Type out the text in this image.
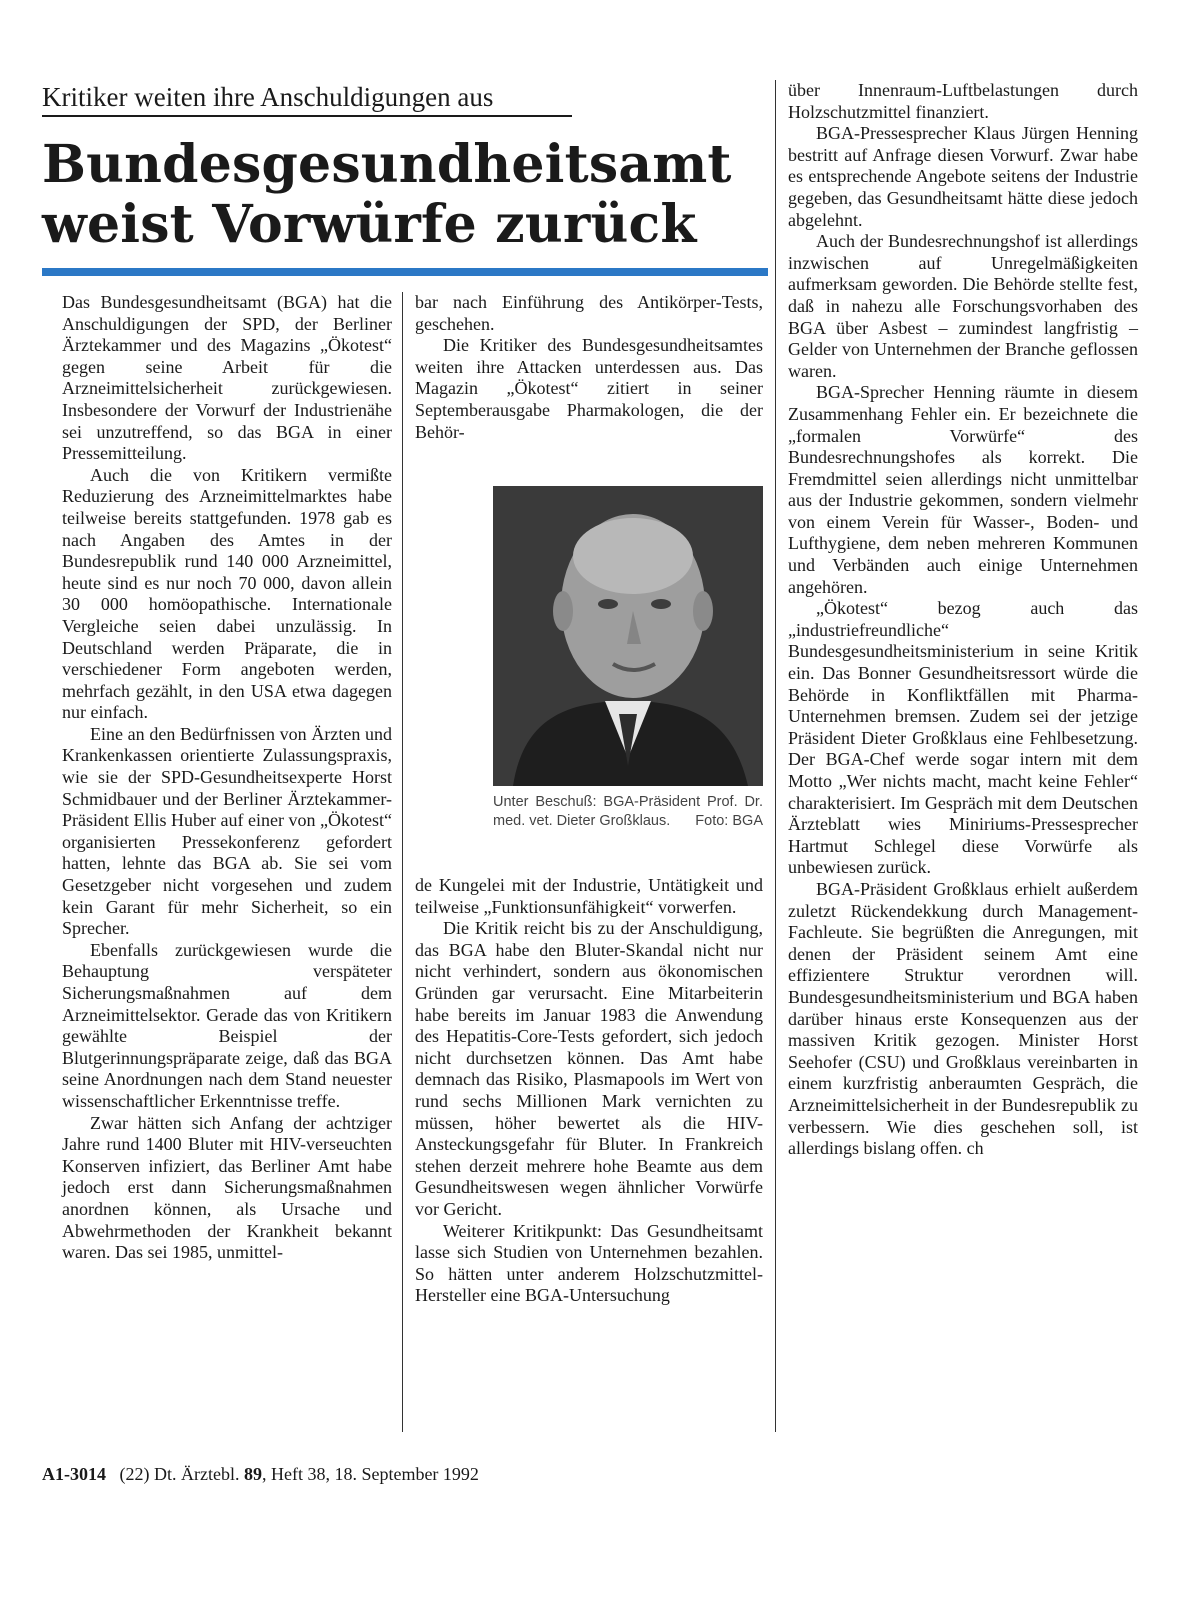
Kritiker weiten ihre Anschuldigungen aus
Bundesgesundheitsamt
weist Vorwürfe zurück

Das Bundesgesundheitsamt (BGA) hat die Anschuldigungen der SPD, der Berliner Ärztekammer und des Magazins „Ökotest“ gegen seine Arbeit für die Arzneimittelsicherheit zurückgewiesen. Insbesondere der Vorwurf der Industrienähe sei unzutreffend, so das BGA in einer Pressemitteilung.

Auch die von Kritikern vermißte Reduzierung des Arzneimittelmarktes habe teilweise bereits stattgefunden. 1978 gab es nach Angaben des Amtes in der Bundesrepublik rund 140 000 Arzneimittel, heute sind es nur noch 70 000, davon allein 30 000 homöopathische. Internationale Vergleiche seien dabei unzulässig. In Deutschland werden Präparate, die in verschiedener Form angeboten werden, mehrfach gezählt, in den USA etwa dagegen nur einfach.

Eine an den Bedürfnissen von Ärzten und Krankenkassen orientierte Zulassungspraxis, wie sie der SPD-Gesundheitsexperte Horst Schmidbauer und der Berliner Ärztekammer-Präsident Ellis Huber auf einer von „Ökotest“ organisierten Pressekonferenz gefordert hatten, lehnte das BGA ab. Sie sei vom Gesetzgeber nicht vorgesehen und zudem kein Garant für mehr Sicherheit, so ein Sprecher.

Ebenfalls zurückgewiesen wurde die Behauptung verspäteter Sicherungsmaßnahmen auf dem Arzneimittelsektor. Gerade das von Kritikern gewählte Beispiel der Blutgerinnungspräparate zeige, daß das BGA seine Anordnungen nach dem Stand neuester wissenschaftlicher Erkenntnisse treffe.

Zwar hätten sich Anfang der achtziger Jahre rund 1400 Bluter mit HIV-verseuchten Konserven infiziert, das Berliner Amt habe jedoch erst dann Sicherungsmaßnahmen anordnen können, als Ursache und Abwehrmethoden der Krankheit bekannt waren. Das sei 1985, unmittel-

bar nach Einführung des Antikörper-Tests, geschehen.

Die Kritiker des Bundesgesundheitsamtes weiten ihre Attacken unterdessen aus. Das Magazin „Ökotest“ zitiert in seiner Septemberausgabe Pharmakologen, die der Behör-

Unter Beschuß: BGA-Präsident Prof. Dr. med. vet. Dieter Großklaus. Foto: BGA

de Kungelei mit der Industrie, Untätigkeit und teilweise „Funktionsunfähigkeit“ vorwerfen.

Die Kritik reicht bis zu der Anschuldigung, das BGA habe den Bluter-Skandal nicht nur nicht verhindert, sondern aus ökonomischen Gründen gar verursacht. Eine Mitarbeiterin habe bereits im Januar 1983 die Anwendung des Hepatitis-Core-Tests gefordert, sich jedoch nicht durchsetzen können. Das Amt habe demnach das Risiko, Plasmapools im Wert von rund sechs Millionen Mark vernichten zu müssen, höher bewertet als die HIV-Ansteckungsgefahr für Bluter. In Frankreich stehen derzeit mehrere hohe Beamte aus dem Gesundheitswesen wegen ähnlicher Vorwürfe vor Gericht.

Weiterer Kritikpunkt: Das Gesundheitsamt lasse sich Studien von Unternehmen bezahlen. So hätten unter anderem Holzschutzmittel-Hersteller eine BGA-Untersuchung

über Innenraum-Luftbelastungen durch Holzschutzmittel finanziert.

BGA-Pressesprecher Klaus Jürgen Henning bestritt auf Anfrage diesen Vorwurf. Zwar habe es entsprechende Angebote seitens der Industrie gegeben, das Gesundheitsamt hätte diese jedoch abgelehnt.

Auch der Bundesrechnungshof ist allerdings inzwischen auf Unregelmäßigkeiten aufmerksam geworden. Die Behörde stellte fest, daß in nahezu alle Forschungsvorhaben des BGA über Asbest – zumindest langfristig – Gelder von Unternehmen der Branche geflossen waren.

BGA-Sprecher Henning räumte in diesem Zusammenhang Fehler ein. Er bezeichnete die „formalen Vorwürfe“ des Bundesrechnungshofes als korrekt. Die Fremdmittel seien allerdings nicht unmittelbar aus der Industrie gekommen, sondern vielmehr von einem Verein für Wasser-, Boden- und Lufthygiene, dem neben mehreren Kommunen und Verbänden auch einige Unternehmen angehören.

„Ökotest“ bezog auch das „industriefreundliche“ Bundesgesundheitsministerium in seine Kritik ein. Das Bonner Gesundheitsressort würde die Behörde in Konfliktfällen mit Pharma-Unternehmen bremsen. Zudem sei der jetzige Präsident Dieter Großklaus eine Fehlbesetzung. Der BGA-Chef werde sogar intern mit dem Motto „Wer nichts macht, macht keine Fehler“ charakterisiert. Im Gespräch mit dem Deutschen Ärzteblatt wies Miniriums-Pressesprecher Hartmut Schlegel diese Vorwürfe als unbewiesen zurück.

BGA-Präsident Großklaus erhielt außerdem zuletzt Rückendekkung durch Management-Fachleute. Sie begrüßten die Anregungen, mit denen der Präsident seinem Amt eine effizientere Struktur verordnen will. Bundesgesundheitsministerium und BGA haben darüber hinaus erste Konsequenzen aus der massiven Kritik gezogen. Minister Horst Seehofer (CSU) und Großklaus vereinbarten in einem kurzfristig anberaumten Gespräch, die Arzneimittelsicherheit in der Bundesrepublik zu verbessern. Wie dies geschehen soll, ist allerdings bislang offen. ch

A1-3014 (22) Dt. Ärztebl. 89, Heft 38, 18. September 1992
